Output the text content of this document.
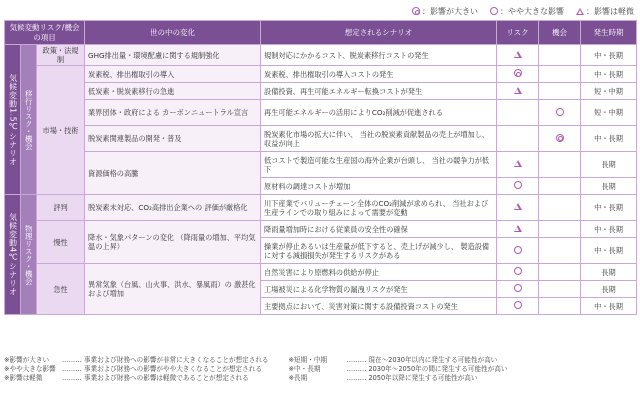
：影響が大きい	：やや大きな影響	：影響は軽微
気候変動リスク/機会の項目			世の中の変化	想定されるシナリオ	リスク	機会	発生時期
気候変動1.5℃シナリオ	移行リスク・機会	政策・法規制	GHG排出量・環境配慮に関する規制強化	規制対応にかかるコスト、脱炭素移行コストの発生			中・長期
		市場・技術	炭素税、排出権取引の導入	炭素税、排出権取引の導入コストの発生			中・長期
			低炭素・脱炭素移行の急進	設備投資、再生可能エネルギー転換コストが発生			短・中期
			業界団体・政府による カーボンニュートラル宣言	再生可能エネルギーの活用によりCO₂削減が促進される			短・中期
			脱炭素関連製品の開発・普及	脱炭素化市場の拡大に伴い、 当社の脱炭素貢献製品の売上が増加し、収益が向上			中・長期
			資源価格の高騰	低コストで製造可能な生産国の海外企業が台頭し、 当社の競争力が低下			長期
				原材料の調達コストが増加			長期
気候変動4℃シナリオ	物理リスク・機会	評判	脱炭素未対応、CO₂高排出企業への 評価が厳格化	川下産業でバリューチェーン全体のCO₂削減が求められ、 当社および生産ラインでの取り組みによって需要が変動			中・長期
		慢性	降水・気象パターンの変化 （降雨量の増加、平均気温の上昇）	降雨量増加時における従業員の安全性の確保			中・長期
				操業が停止あるいは生産量が低下すると、売上げが減少し、 製造設備に対する減損損失が発生するリスクがある			中・長期
		急性	異常気象（台風、山火事、洪水、暴風雨）の 激甚化および増加	自然災害により原燃料の供給が停止			長期
				工場被災による化学物質の漏洩リスクが発生			長期
				主要拠点において、災害対策に関する設備投資コストの発生			中・長期
※影響が大きい	……… 事業および財務への影響が非常に大きくなることが想定される
※やや大きな影響 ……… 事業および財務への影響がやや大きくなることが想定される
※影響は軽微	……… 事業および財務への影響は軽微であることが想定される
※短期・中期	……… 現在〜2030年以内に発生する可能性が高い
※中・長期	……… 2030年〜2050年の間に発生する可能性が高い
※長期	……… 2050年以降に発生する可能性が高い
